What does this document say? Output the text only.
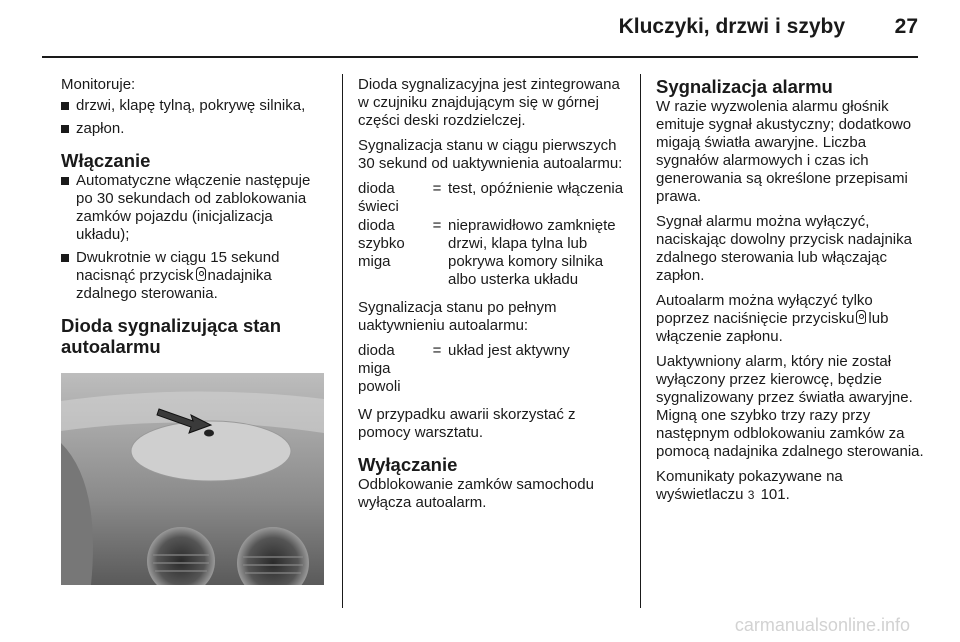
Kluczyki, drzwi i szyby 27

Monitoruje:

drzwi, klapę tylną, pokrywę silnika,
zapłon.
Włączanie
Automatyczne włączenie następuje po 30 sekundach od zablokowania zamków pojazdu (inicjalizacja układu);
Dwukrotnie w ciągu 15 sekund nacisnąć przycisk nadajnika zdalnego sterowania.
Dioda sygnalizująca stan autoalarmu

Dioda sygnalizacyjna jest zintegrowana w czujniku znajdującym się w górnej części deski rozdzielczej.

Sygnalizacja stanu w ciągu pierwszych 30 sekund od uaktywnienia autoalarmu:

dioda świeci	=	test, opóźnienie włączenia
dioda szybko miga	=	nieprawidłowo zamknięte drzwi, klapa tylna lub pokrywa komory silnika albo usterka układu

Sygnalizacja stanu po pełnym uaktywnieniu autoalarmu:

dioda miga powoli	=	układ jest aktywny

W przypadku awarii skorzystać z pomocy warsztatu.

Wyłączanie

Odblokowanie zamków samochodu wyłącza autoalarm.

Sygnalizacja alarmu

W razie wyzwolenia alarmu głośnik emituje sygnał akustyczny; dodatkowo migają światła awaryjne. Liczba sygnałów alarmowych i czas ich generowania są określone przepisami prawa.

Sygnał alarmu można wyłączyć, naciskając dowolny przycisk nadajnika zdalnego sterowania lub włączając zapłon.

Autoalarm można wyłączyć tylko poprzez naciśnięcie przycisku lub włączenie zapłonu.

Uaktywniony alarm, który nie został wyłączony przez kierowcę, będzie sygnalizowany przez światła awaryjne. Migną one szybko trzy razy przy następnym odblokowaniu zamków za pomocą nadajnika zdalnego sterowania.

Komunikaty pokazywane na wyświetlaczu 3 101.

carmanualsonline.info
